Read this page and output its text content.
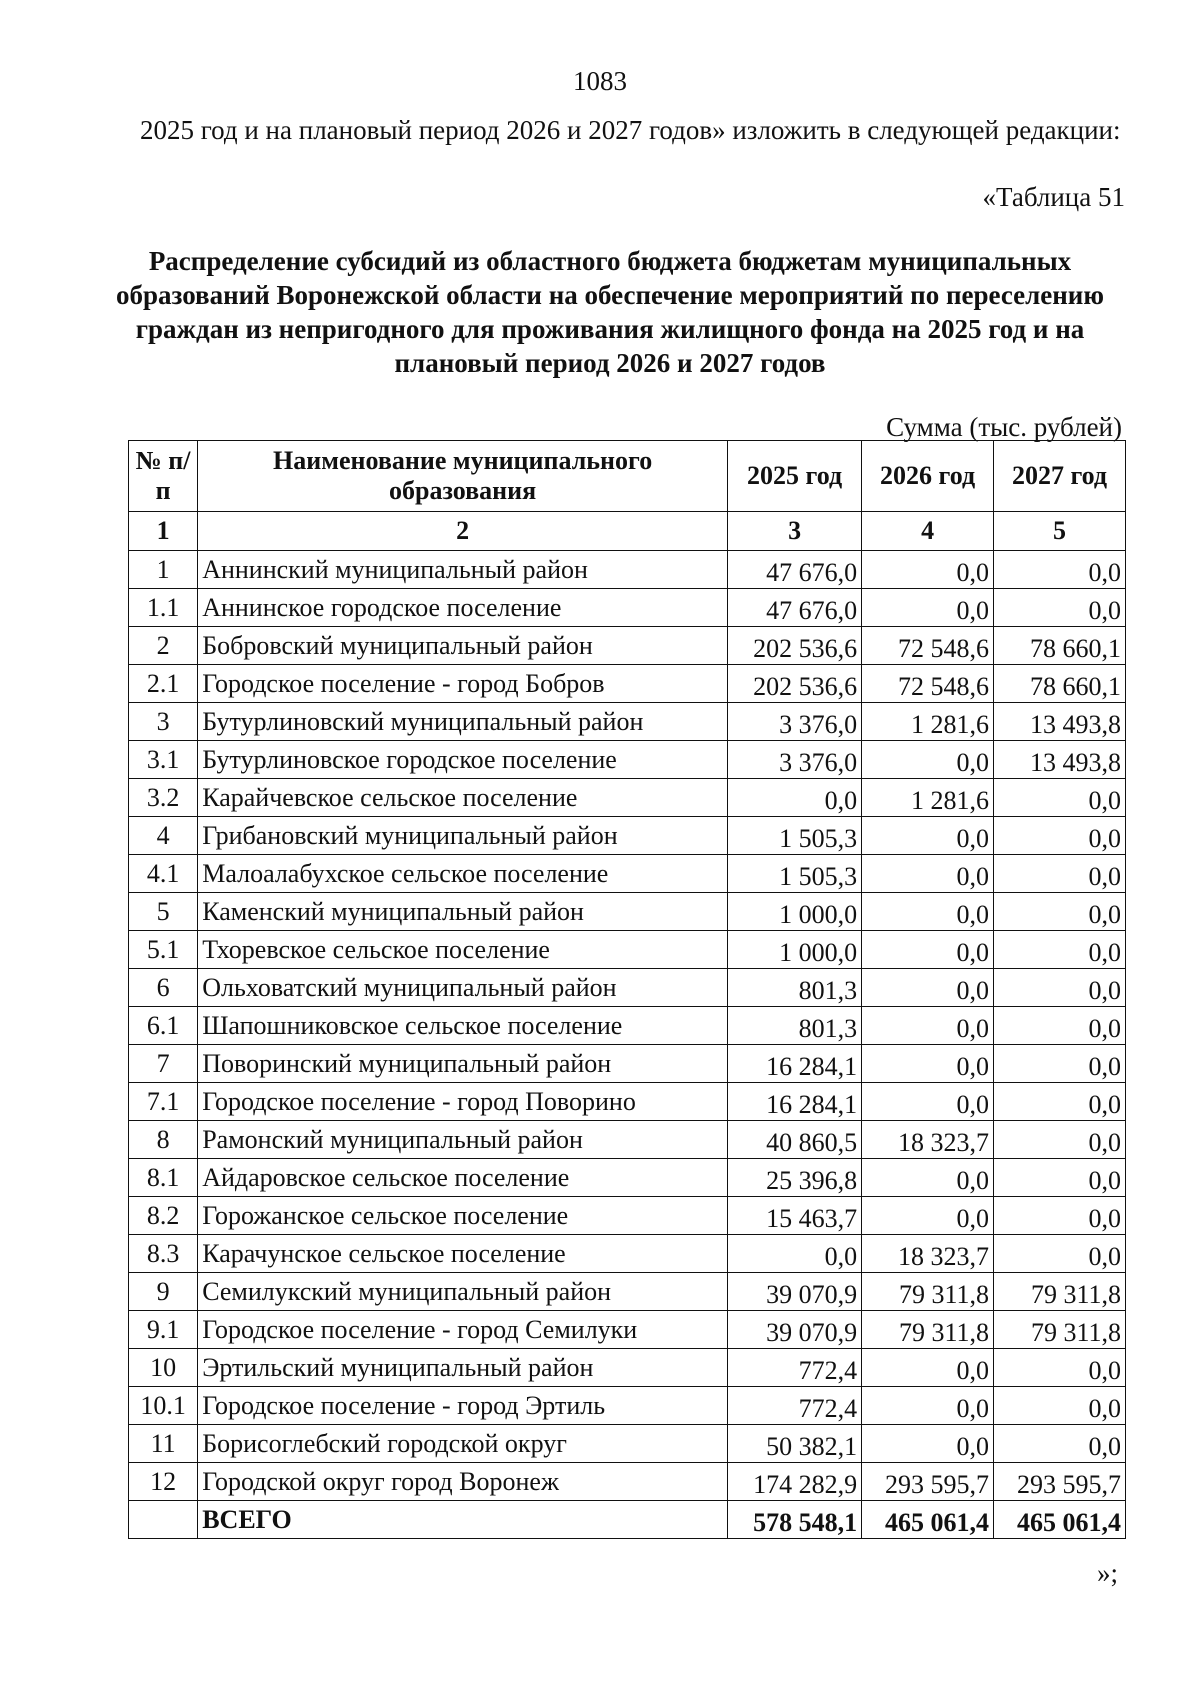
1083
2025 год и на плановый период 2026 и 2027 годов» изложить в следующей редакции:
«Таблица 51
Распределение субсидий из областного бюджета бюджетам муниципальных образований Воронежской области на обеспечение мероприятий по переселению граждан из непригодного для проживания жилищного фонда на 2025 год и на плановый период 2026 и 2027 годов
Сумма (тыс. рублей)
№ п/п	Наименование муниципального образования	2025 год	2026 год	2027 год
1	2	3	4	5
1	Аннинский муниципальный район	47 676,0	0,0	0,0
1.1	Аннинское городское поселение	47 676,0	0,0	0,0
2	Бобровский муниципальный район	202 536,6	72 548,6	78 660,1
2.1	Городское поселение - город Бобров	202 536,6	72 548,6	78 660,1
3	Бутурлиновский муниципальный район	3 376,0	1 281,6	13 493,8
3.1	Бутурлиновское городское поселение	3 376,0	0,0	13 493,8
3.2	Карайчевское сельское поселение	0,0	1 281,6	0,0
4	Грибановский муниципальный район	1 505,3	0,0	0,0
4.1	Малоалабухское сельское поселение	1 505,3	0,0	0,0
5	Каменский муниципальный район	1 000,0	0,0	0,0
5.1	Тхоревское сельское поселение	1 000,0	0,0	0,0
6	Ольховатский муниципальный район	801,3	0,0	0,0
6.1	Шапошниковское сельское поселение	801,3	0,0	0,0
7	Поворинский муниципальный район	16 284,1	0,0	0,0
7.1	Городское поселение - город Поворино	16 284,1	0,0	0,0
8	Рамонский муниципальный район	40 860,5	18 323,7	0,0
8.1	Айдаровское сельское поселение	25 396,8	0,0	0,0
8.2	Горожанское сельское поселение	15 463,7	0,0	0,0
8.3	Карачунское сельское поселение	0,0	18 323,7	0,0
9	Семилукский муниципальный район	39 070,9	79 311,8	79 311,8
9.1	Городское поселение - город Семилуки	39 070,9	79 311,8	79 311,8
10	Эртильский муниципальный район	772,4	0,0	0,0
10.1	Городское поселение - город Эртиль	772,4	0,0	0,0
11	Борисоглебский городской округ	50 382,1	0,0	0,0
12	Городской округ город Воронеж	174 282,9	293 595,7	293 595,7
	ВСЕГО	578 548,1	465 061,4	465 061,4
»;
